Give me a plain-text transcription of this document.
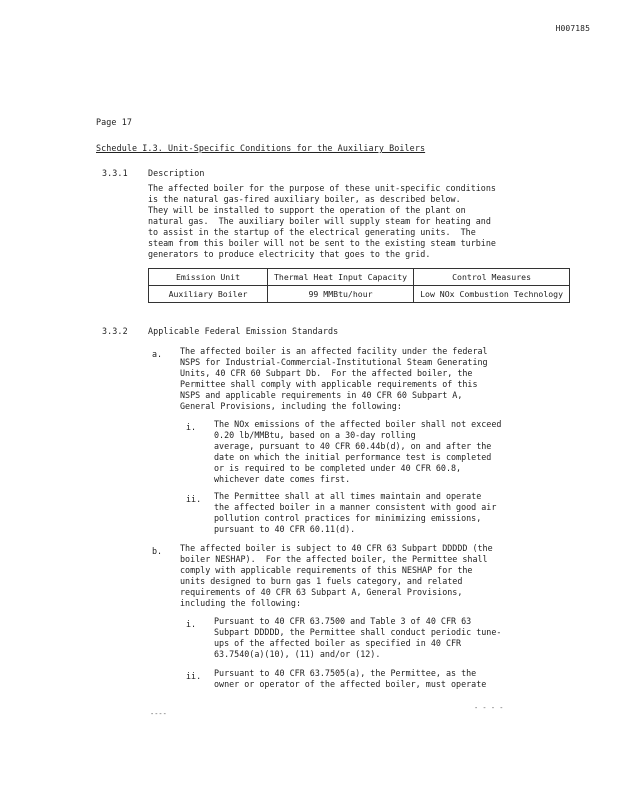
H007185
Page 17
Schedule I.3. Unit-Specific Conditions for the Auxiliary Boilers
3.3.1 Description
The affected boiler for the purpose of these unit-specific conditions
is the natural gas-fired auxiliary boiler, as described below.
They will be installed to support the operation of the plant on
natural gas.  The auxiliary boiler will supply steam for heating and
to assist in the startup of the electrical generating units.  The
steam from this boiler will not be sent to the existing steam turbine
generators to produce electricity that goes to the grid.
Emission Unit	Thermal Heat Input Capacity	Control Measures
Auxiliary Boiler	99 MMBtu/hour	Low NOx Combustion Technology
3.3.2 Applicable Federal Emission Standards
a. The affected boiler is an affected facility under the federal
NSPS for Industrial-Commercial-Institutional Steam Generating
Units, 40 CFR 60 Subpart Db.  For the affected boiler, the
Permittee shall comply with applicable requirements of this
NSPS and applicable requirements in 40 CFR 60 Subpart A,
General Provisions, including the following:
i. The NOx emissions of the affected boiler shall not exceed
0.20 lb/MMBtu, based on a 30-day rolling
average, pursuant to 40 CFR 60.44b(d), on and after the
date on which the initial performance test is completed
or is required to be completed under 40 CFR 60.8,
whichever date comes first.
ii. The Permittee shall at all times maintain and operate
the affected boiler in a manner consistent with good air
pollution control practices for minimizing emissions,
pursuant to 40 CFR 60.11(d).
b. The affected boiler is subject to 40 CFR 63 Subpart DDDDD (the
boiler NESHAP).  For the affected boiler, the Permittee shall
comply with applicable requirements of this NESHAP for the
units designed to burn gas 1 fuels category, and related
requirements of 40 CFR 63 Subpart A, General Provisions,
including the following:
i. Pursuant to 40 CFR 63.7500 and Table 3 of 40 CFR 63
Subpart DDDDD, the Permittee shall conduct periodic tune-
ups of the affected boiler as specified in 40 CFR
63.7540(a)(10), (11) and/or (12).
ii. Pursuant to 40 CFR 63.7505(a), the Permittee, as the
owner or operator of the affected boiler, must operate
----
- - - -
